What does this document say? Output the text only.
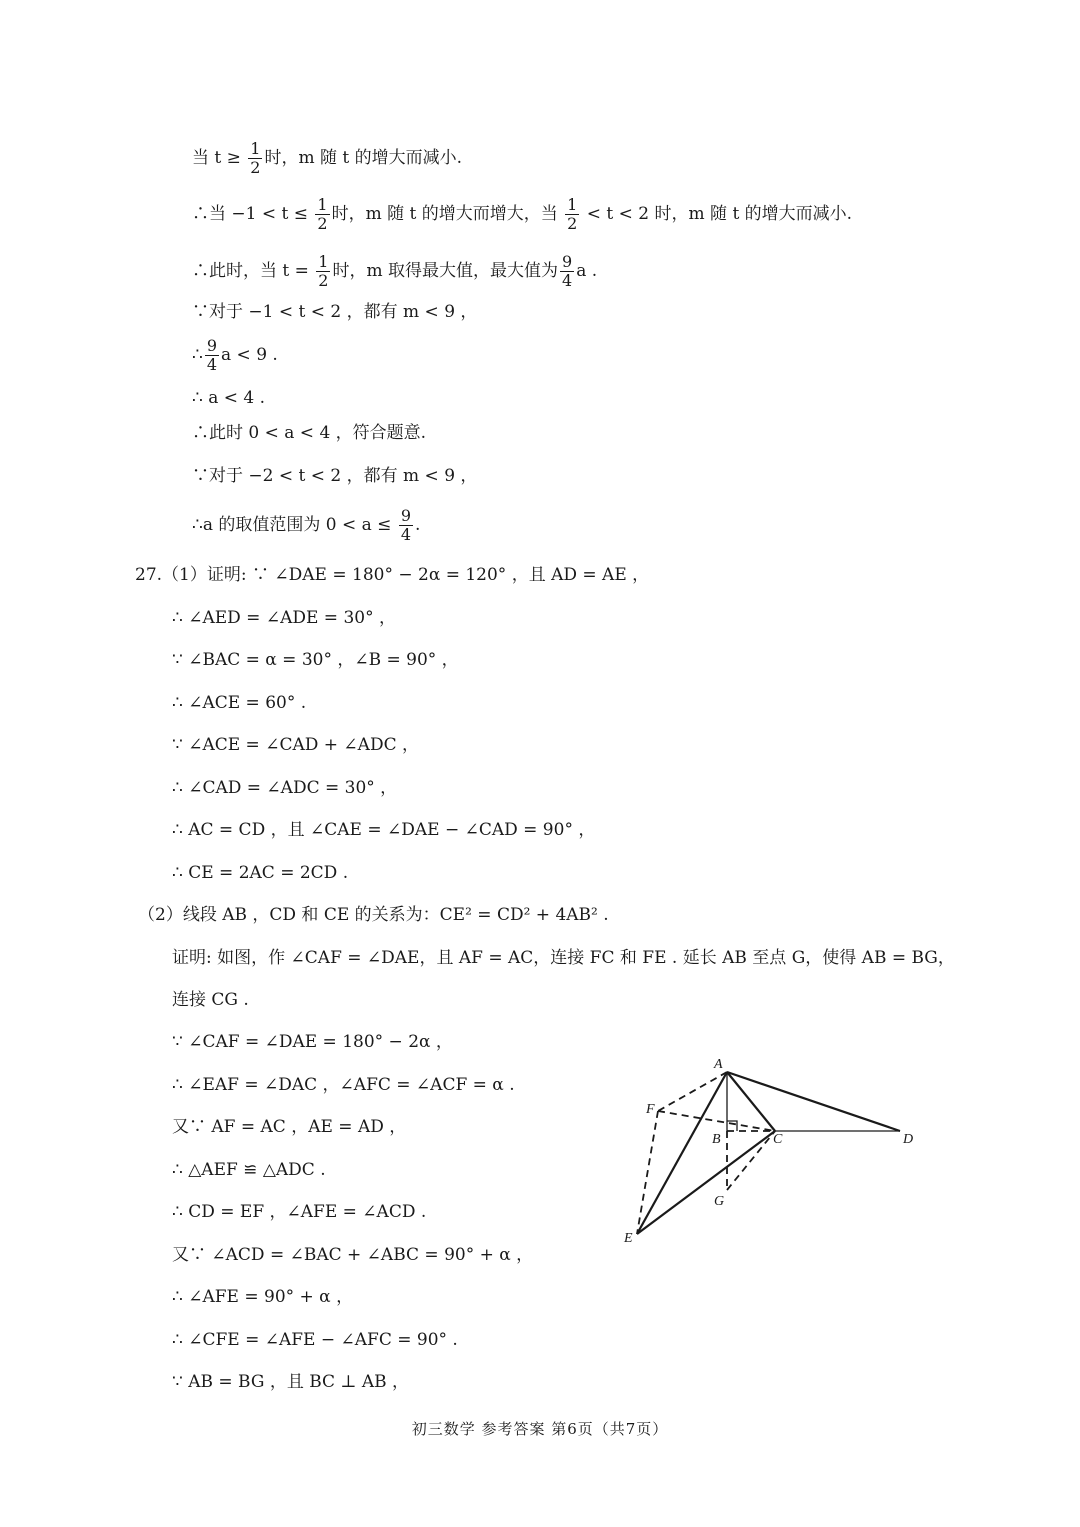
当 $t \ge \frac{1}{2}$ 时，m 随 t 的增大而减小.
∴当 $-1 < t \le \frac{1}{2}$ 时，m 随 t 的增大而增大，当 $\frac{1}{2} < t < 2$ 时，m 随 t 的增大而减小.
∴此时，当 $t = \frac{1}{2}$ 时，m 取得最大值，最大值为 $\frac{9}{4}$ a .
∵对于 −1 < t < 2 ，都有 m < 9 ，
∴ $\frac{9}{4}$ a < 9 .
∴ a < 4 .
∴此时 0 < a < 4 ，符合题意.
∵对于 −2 < t < 2 ，都有 m < 9 ，
∴a 的取值范围为 $0 < a \le \frac{9}{4}$ .
27.（1）证明: ∵ ∠DAE = 180° − 2α = 120° ，且 AD = AE ，
∴ ∠AED = ∠ADE = 30° ，
∵ ∠BAC = α = 30° ，∠B = 90° ，
∴ ∠ACE = 60° .
∵ ∠ACE = ∠CAD + ∠ADC ，
∴ ∠CAD = ∠ADC = 30° ，
∴ AC = CD ，且 ∠CAE = ∠DAE − ∠CAD = 90° ，
∴ CE = 2AC = 2CD .
（2）线段 AB ，CD 和 CE 的关系为：CE² = CD² + 4AB² .
证明: 如图，作 ∠CAF = ∠DAE，且 AF = AC，连接 FC 和 FE . 延长 AB 至点 G，使得 AB = BG，
连接 CG .
∵ ∠CAF = ∠DAE = 180° − 2α ，
∴ ∠EAF = ∠DAC ，∠AFC = ∠ACF = α .
又∵ AF = AC ，AE = AD ，
∴ △AEF ≌ △ADC .
∴ CD = EF ，∠AFE = ∠ACD .
又∵ ∠ACD = ∠BAC + ∠ABC = 90° + α ，
∴ ∠AFE = 90° + α ，
∴ ∠CFE = ∠AFE − ∠AFC = 90° .
∵ AB = BG ，且 BC ⊥ AB ，
A
F
B	C	D
G
E
初三数学 参考答案 第6页（共7页）
